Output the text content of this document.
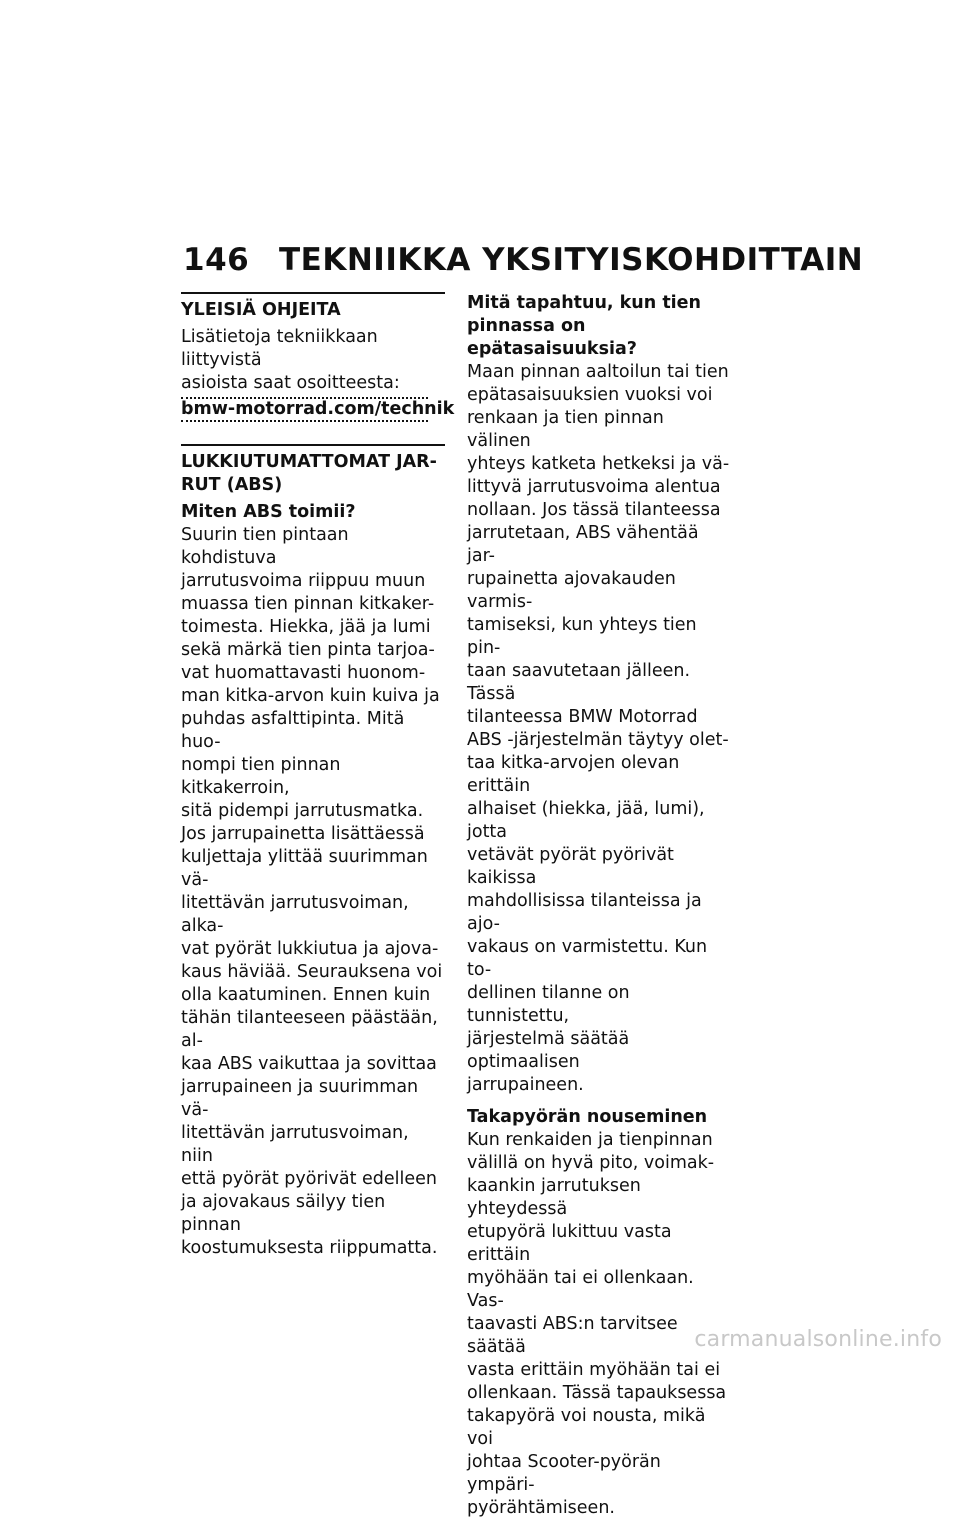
146 TEKNIIKKA YKSITYISKOHDITTAIN
YLEISIÄ OHJEITA

Lisätietoja tekniikkaan liittyvistä
asioista saat osoitteesta:

bmw-motorrad.com/technik
LUKKIUTUMATTOMAT JAR-
RUT (ABS)
Miten ABS toimii?

Suurin tien pintaan kohdistuva
jarrutusvoima riippuu muun
muassa tien pinnan kitkaker-
toimesta. Hiekka, jää ja lumi
sekä märkä tien pinta tarjoa-
vat huomattavasti huonom-
man kitka-arvon kuin kuiva ja
puhdas asfalttipinta. Mitä huo-
nompi tien pinnan kitkakerroin,
sitä pidempi jarrutusmatka.

Jos jarrupainetta lisättäessä
kuljettaja ylittää suurimman vä-
litettävän jarrutusvoiman, alka-
vat pyörät lukkiutua ja ajova-
kaus häviää. Seurauksena voi
olla kaatuminen. Ennen kuin
tähän tilanteeseen päästään, al-
kaa ABS vaikuttaa ja sovittaa
jarrupaineen ja suurimman vä-
litettävän jarrutusvoiman, niin
että pyörät pyörivät edelleen
ja ajovakaus säilyy tien pinnan
koostumuksesta riippumatta.

Mitä tapahtuu, kun tien
pinnassa on epätasaisuuksia?

Maan pinnan aaltoilun tai tien
epätasaisuuksien vuoksi voi
renkaan ja tien pinnan välinen
yhteys katketa hetkeksi ja vä-
littyvä jarrutusvoima alentua
nollaan. Jos tässä tilanteessa
jarrutetaan, ABS vähentää jar-
rupainetta ajovakauden varmis-
tamiseksi, kun yhteys tien pin-
taan saavutetaan jälleen. Tässä
tilanteessa BMW Motorrad
ABS -järjestelmän täytyy olet-
taa kitka-arvojen olevan erittäin
alhaiset (hiekka, jää, lumi), jotta
vetävät pyörät pyörivät kaikissa
mahdollisissa tilanteissa ja ajo-
vakaus on varmistettu. Kun to-
dellinen tilanne on tunnistettu,
järjestelmä säätää optimaalisen
jarrupaineen.

Takapyörän nouseminen

Kun renkaiden ja tienpinnan
välillä on hyvä pito, voimak-
kaankin jarrutuksen yhteydessä
etupyörä lukittuu vasta erittäin
myöhään tai ei ollenkaan. Vas-
taavasti ABS:n tarvitsee säätää
vasta erittäin myöhään tai ei
ollenkaan. Tässä tapauksessa
takapyörä voi nousta, mikä voi
johtaa Scooter-pyörän ympäri-
pyörähtämiseen.

carmanualsonline.info
